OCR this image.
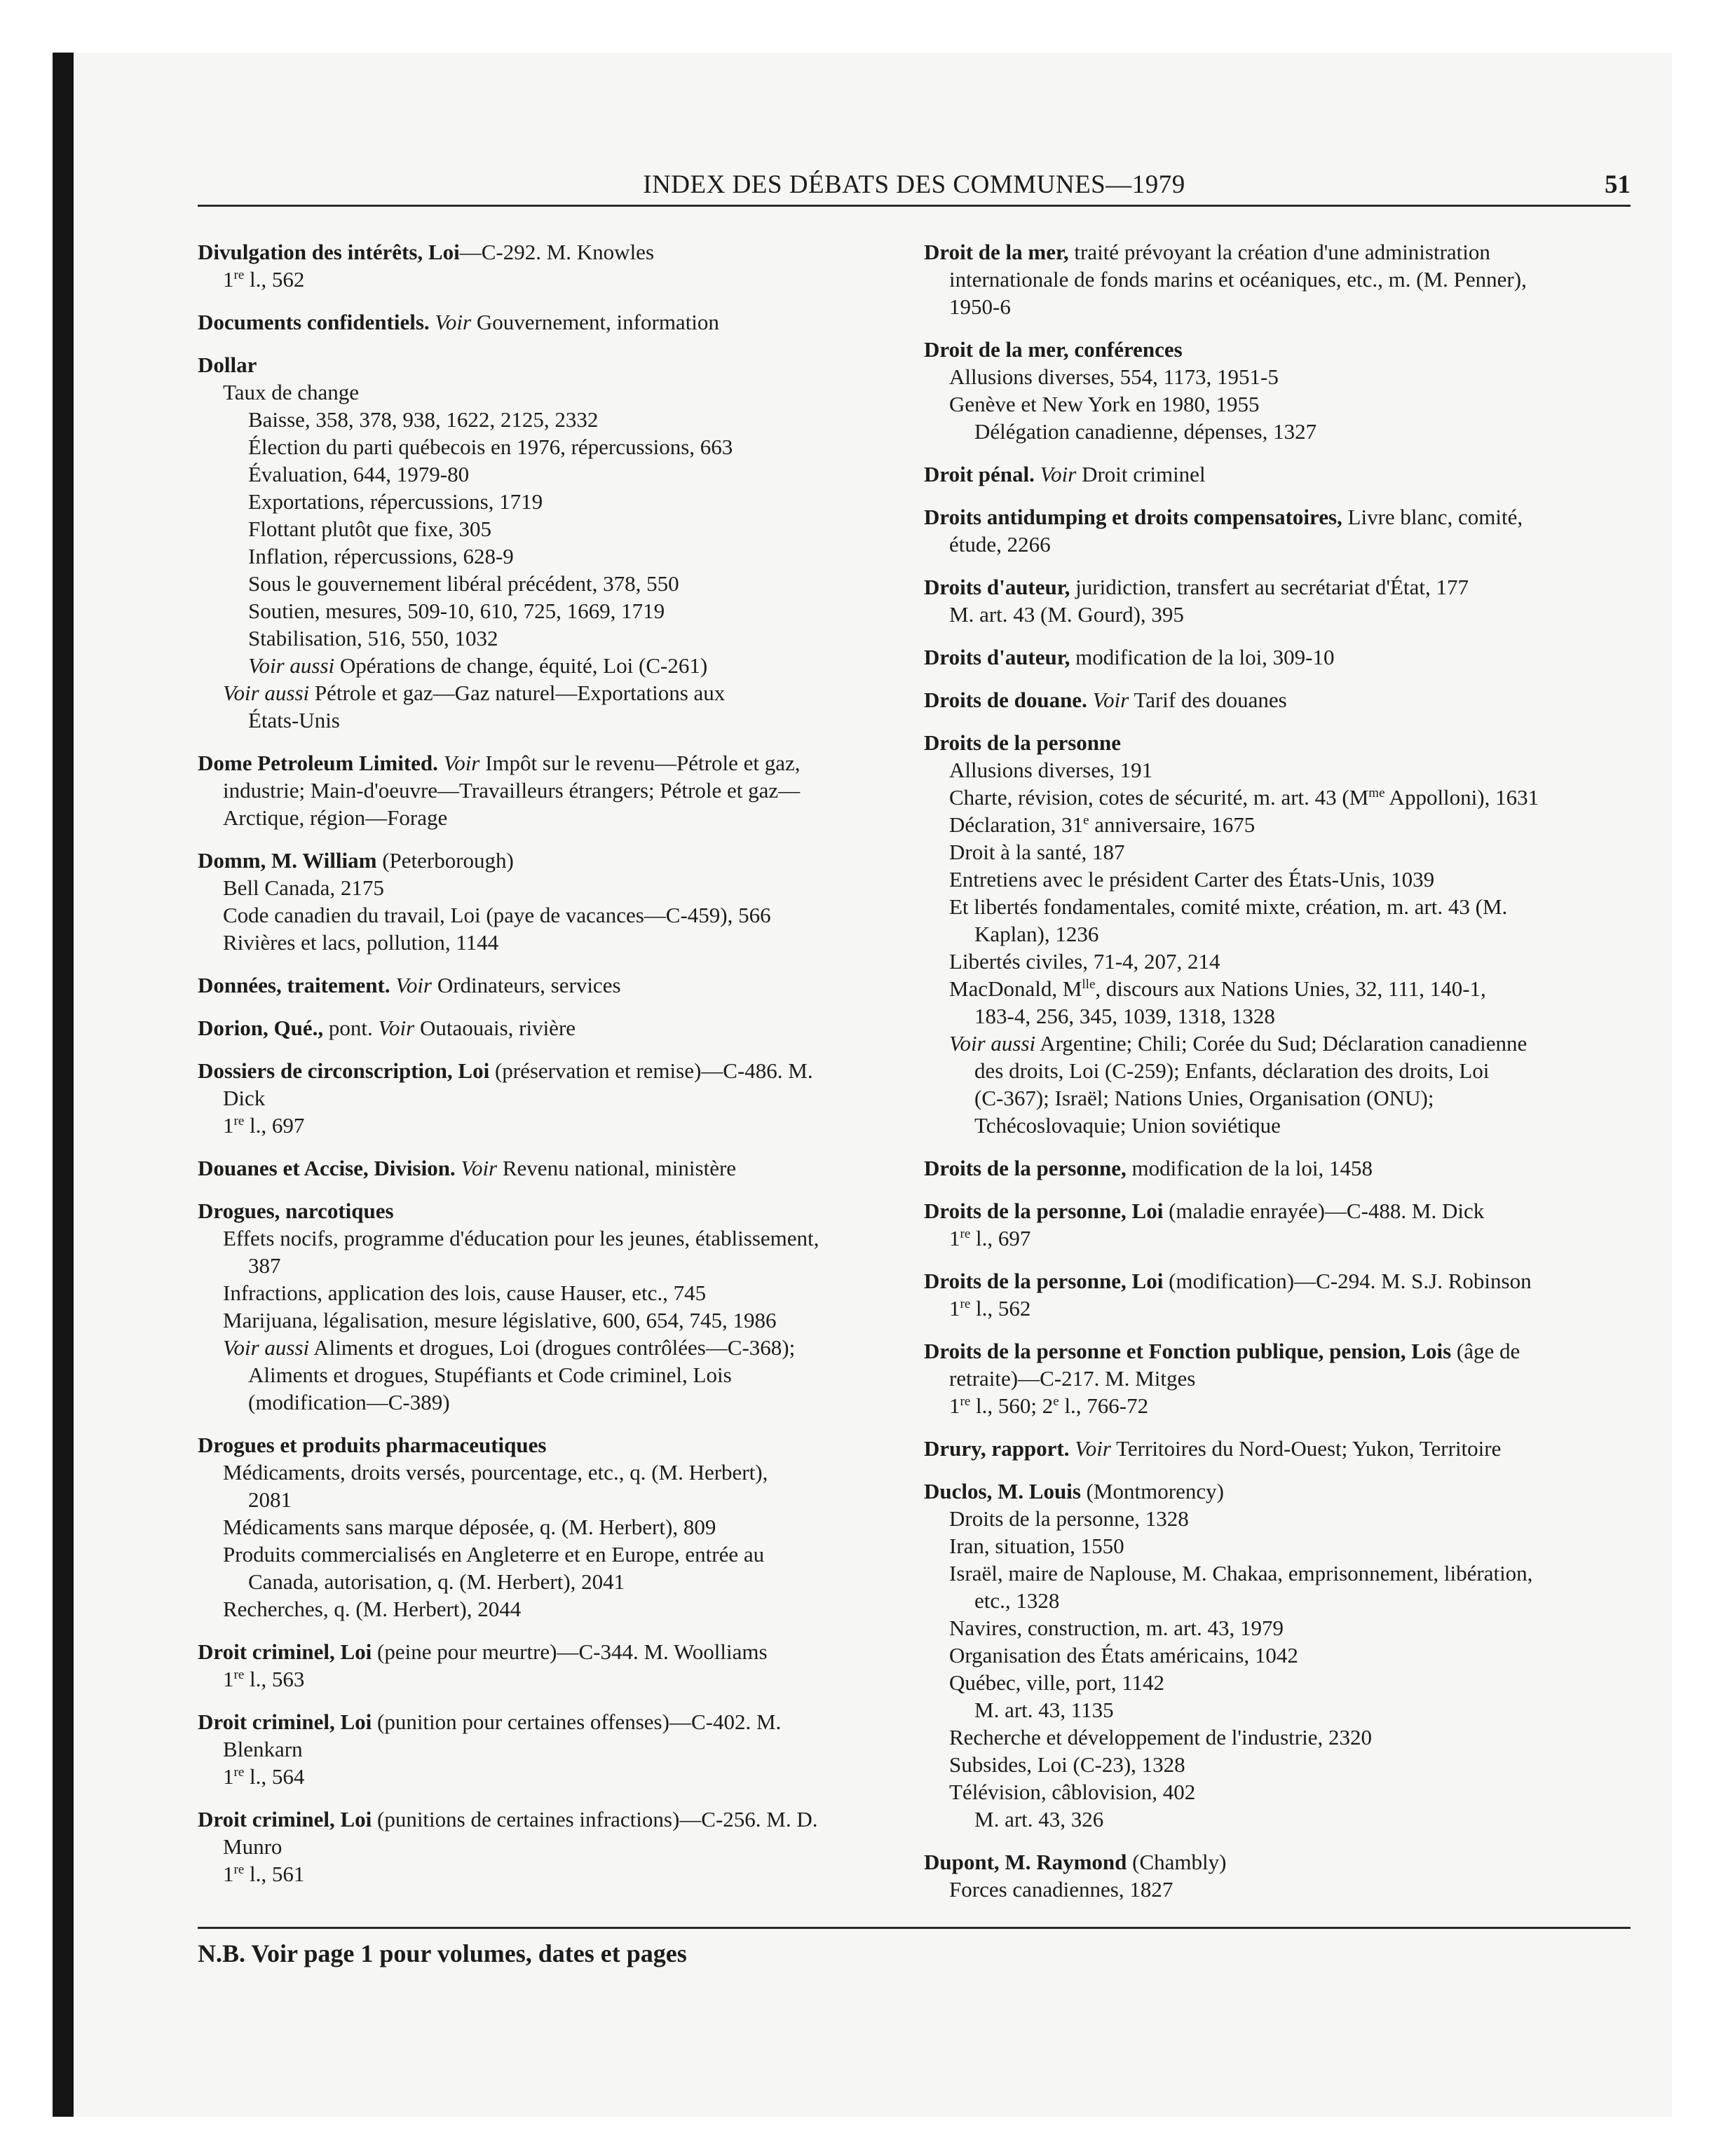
INDEX DES DÉBATS DES COMMUNES—1979	51
Divulgation des intérêts, Loi—C-292. M. Knowles
1re l., 562
Documents confidentiels. Voir Gouvernement, information
Dollar
Taux de change
Baisse, 358, 378, 938, 1622, 2125, 2332
Élection du parti québecois en 1976, répercussions, 663
Évaluation, 644, 1979-80
Exportations, répercussions, 1719
Flottant plutôt que fixe, 305
Inflation, répercussions, 628-9
Sous le gouvernement libéral précédent, 378, 550
Soutien, mesures, 509-10, 610, 725, 1669, 1719
Stabilisation, 516, 550, 1032
Voir aussi Opérations de change, équité, Loi (C-261)
Voir aussi Pétrole et gaz—Gaz naturel—Exportations aux
États-Unis
Dome Petroleum Limited. Voir Impôt sur le revenu—Pétrole et gaz,
industrie; Main-d'oeuvre—Travailleurs étrangers; Pétrole et gaz—
Arctique, région—Forage
Domm, M. William (Peterborough)
Bell Canada, 2175
Code canadien du travail, Loi (paye de vacances—C-459), 566
Rivières et lacs, pollution, 1144
Données, traitement. Voir Ordinateurs, services
Dorion, Qué., pont. Voir Outaouais, rivière
Dossiers de circonscription, Loi (préservation et remise)—C-486. M.
Dick
1re l., 697
Douanes et Accise, Division. Voir Revenu national, ministère
Drogues, narcotiques
Effets nocifs, programme d'éducation pour les jeunes, établissement,
387
Infractions, application des lois, cause Hauser, etc., 745
Marijuana, légalisation, mesure législative, 600, 654, 745, 1986
Voir aussi Aliments et drogues, Loi (drogues contrôlées—C-368);
Aliments et drogues, Stupéfiants et Code criminel, Lois
(modification—C-389)
Drogues et produits pharmaceutiques
Médicaments, droits versés, pourcentage, etc., q. (M. Herbert),
2081
Médicaments sans marque déposée, q. (M. Herbert), 809
Produits commercialisés en Angleterre et en Europe, entrée au
Canada, autorisation, q. (M. Herbert), 2041
Recherches, q. (M. Herbert), 2044
Droit criminel, Loi (peine pour meurtre)—C-344. M. Woolliams
1re l., 563
Droit criminel, Loi (punition pour certaines offenses)—C-402. M.
Blenkarn
1re l., 564
Droit criminel, Loi (punitions de certaines infractions)—C-256. M. D.
Munro
1re l., 561
Droit de la mer, traité prévoyant la création d'une administration
internationale de fonds marins et océaniques, etc., m. (M. Penner),
1950-6
Droit de la mer, conférences
Allusions diverses, 554, 1173, 1951-5
Genève et New York en 1980, 1955
Délégation canadienne, dépenses, 1327
Droit pénal. Voir Droit criminel
Droits antidumping et droits compensatoires, Livre blanc, comité,
étude, 2266
Droits d'auteur, juridiction, transfert au secrétariat d'État, 177
M. art. 43 (M. Gourd), 395
Droits d'auteur, modification de la loi, 309-10
Droits de douane. Voir Tarif des douanes
Droits de la personne
Allusions diverses, 191
Charte, révision, cotes de sécurité, m. art. 43 ($M^{me}$ Appolloni), 1631
Déclaration, 31e anniversaire, 1675
Droit à la santé, 187
Entretiens avec le président Carter des États-Unis, 1039
Et libertés fondamentales, comité mixte, création, m. art. 43 (M.
Kaplan), 1236
Libertés civiles, 71-4, 207, 214
MacDonald, $M^{lle}$, discours aux Nations Unies, 32, 111, 140-1,
183-4, 256, 345, 1039, 1318, 1328
Voir aussi Argentine; Chili; Corée du Sud; Déclaration canadienne
des droits, Loi (C-259); Enfants, déclaration des droits, Loi
(C-367); Israël; Nations Unies, Organisation (ONU);
Tchécoslovaquie; Union soviétique
Droits de la personne, modification de la loi, 1458
Droits de la personne, Loi (maladie enrayée)—C-488. M. Dick
1re l., 697
Droits de la personne, Loi (modification)—C-294. M. S.J. Robinson
1re l., 562
Droits de la personne et Fonction publique, pension, Lois (âge de
retraite)—C-217. M. Mitges
1re l., 560; 2e l., 766-72
Drury, rapport. Voir Territoires du Nord-Ouest; Yukon, Territoire
Duclos, M. Louis (Montmorency)
Droits de la personne, 1328
Iran, situation, 1550
Israël, maire de Naplouse, M. Chakaa, emprisonnement, libération,
etc., 1328
Navires, construction, m. art. 43, 1979
Organisation des États américains, 1042
Québec, ville, port, 1142
M. art. 43, 1135
Recherche et développement de l'industrie, 2320
Subsides, Loi (C-23), 1328
Télévision, câblovision, 402
M. art. 43, 326
Dupont, M. Raymond (Chambly)
Forces canadiennes, 1827
N.B. Voir page 1 pour volumes, dates et pages
